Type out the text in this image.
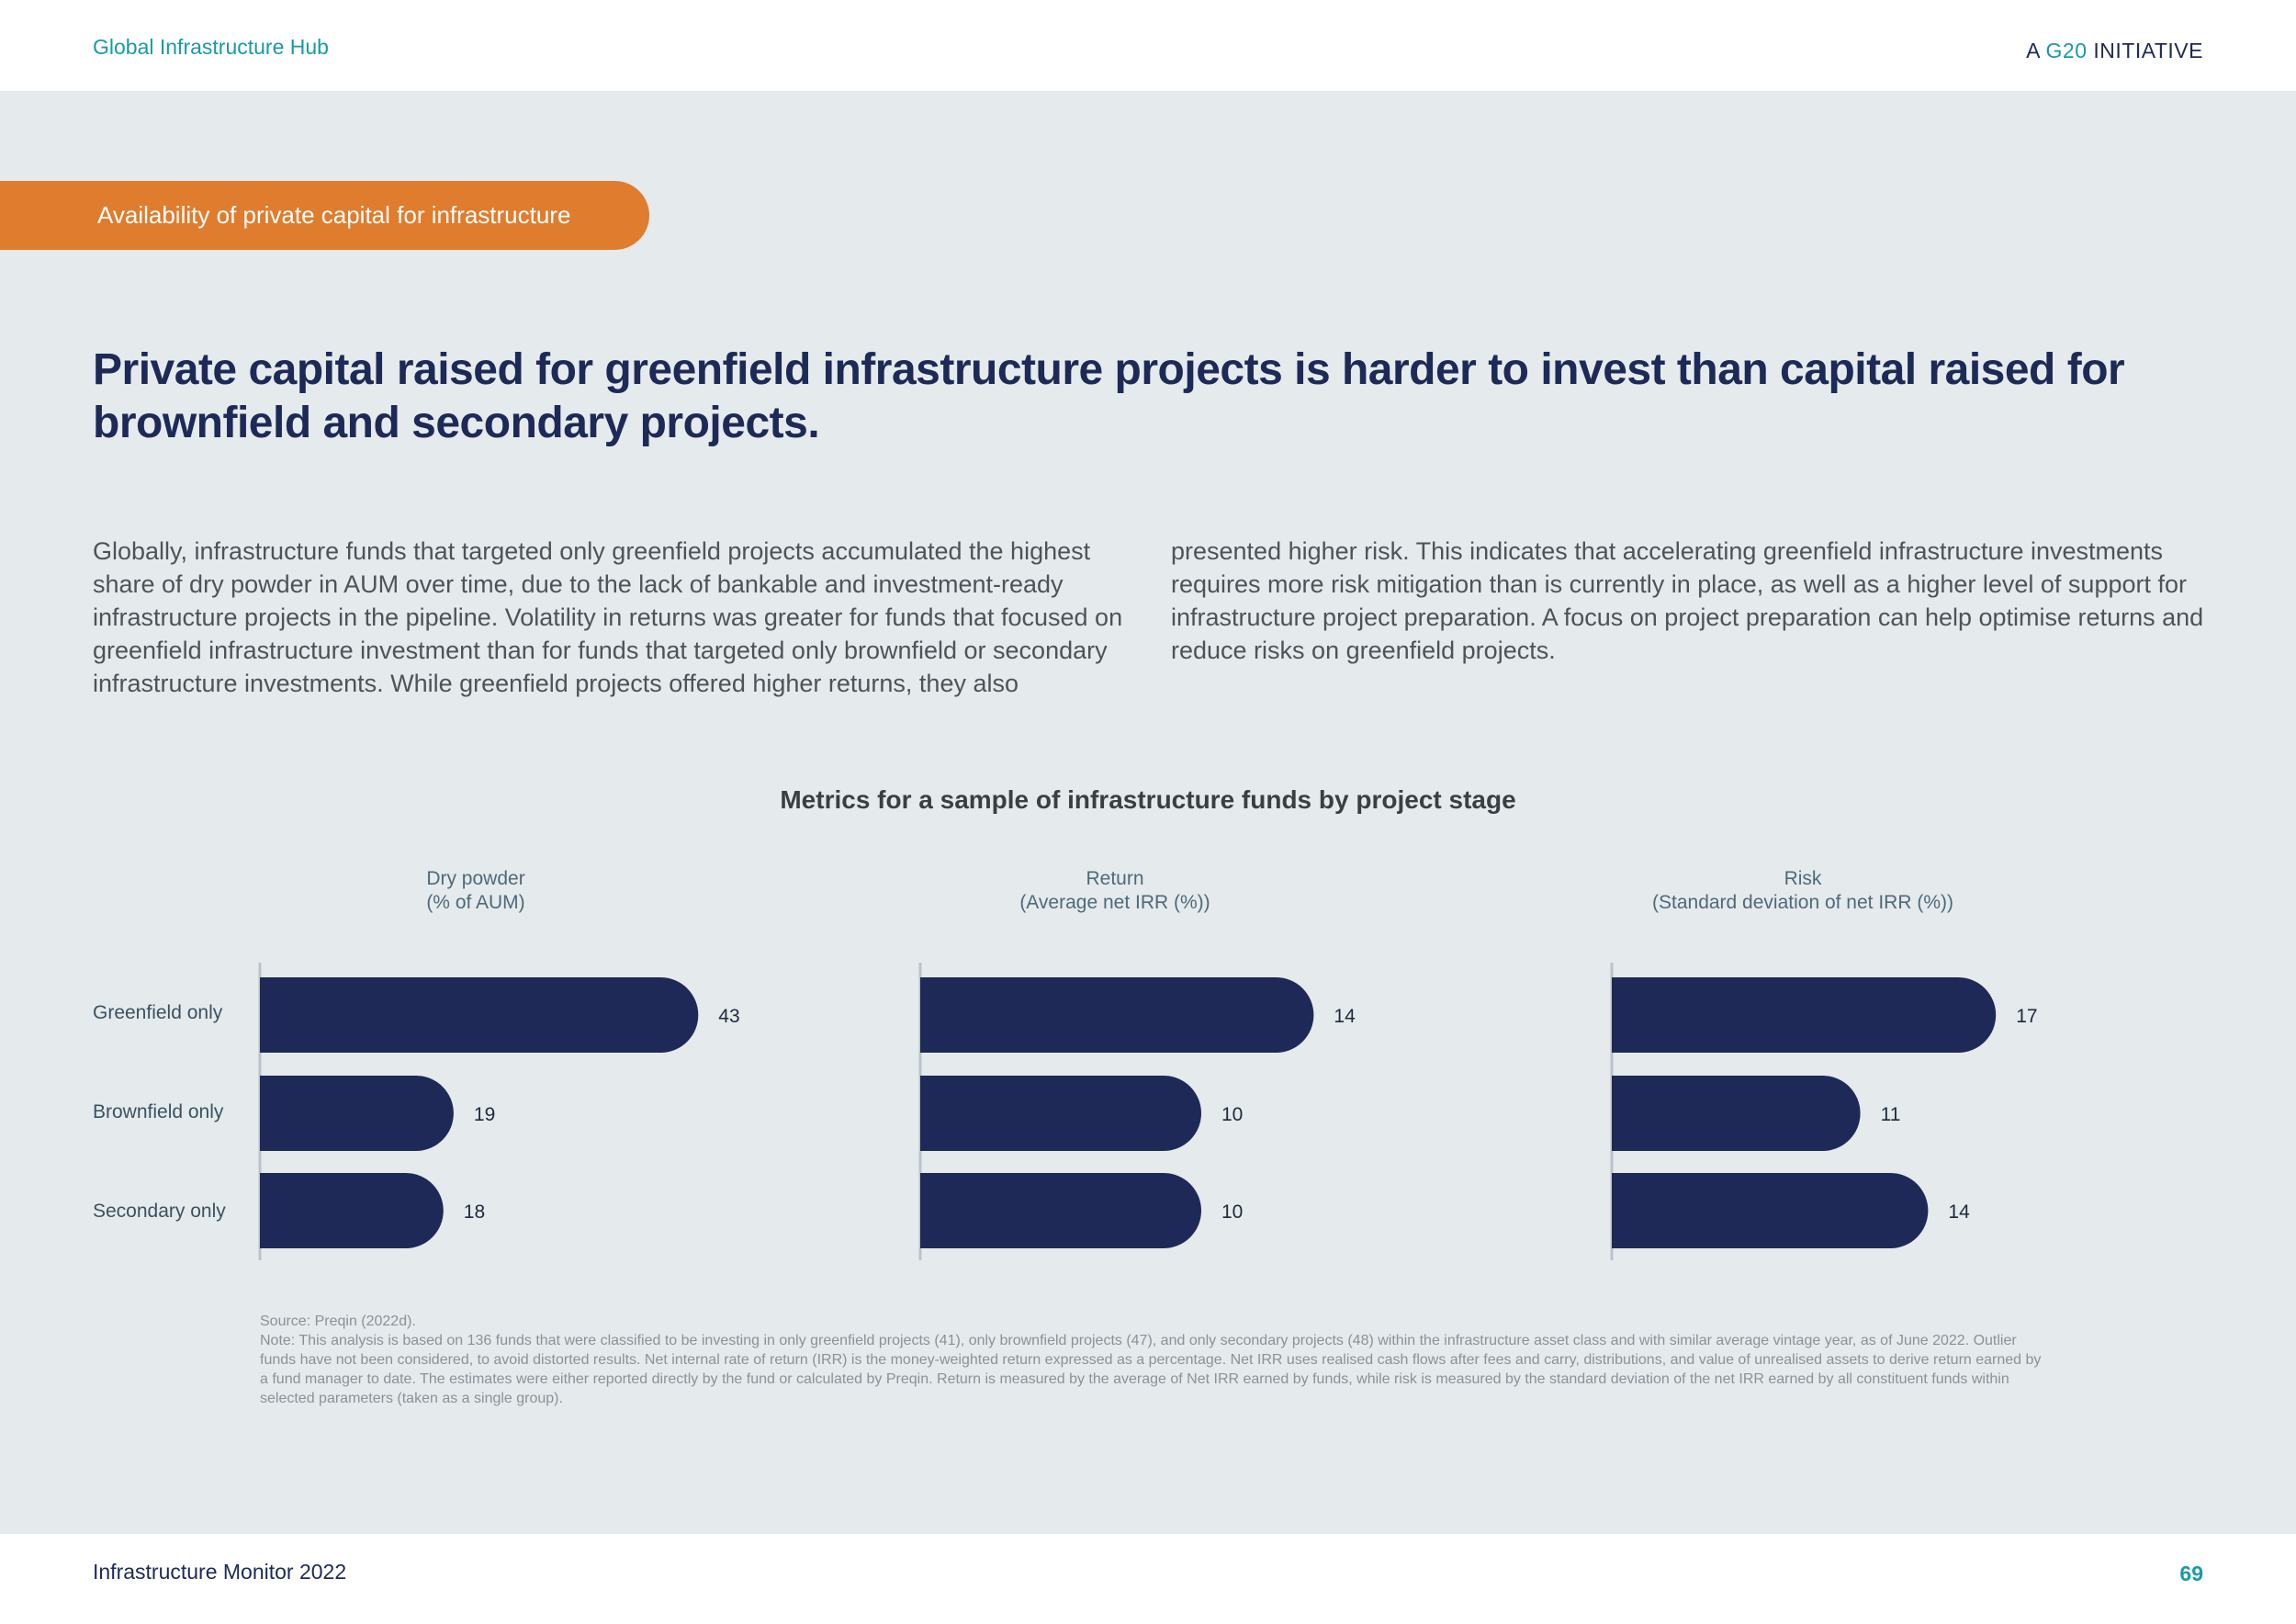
Global Infrastructure Hub	A G20 INITIATIVE
Availability of private capital for infrastructure
Private capital raised for greenfield infrastructure projects is harder to invest than capital raised for brownfield and secondary projects.
Globally, infrastructure funds that targeted only greenfield projects accumulated the highest share of dry powder in AUM over time, due to the lack of bankable and investment-ready infrastructure projects in the pipeline. Volatility in returns was greater for funds that focused on greenfield infrastructure investment than for funds that targeted only brownfield or secondary infrastructure investments. While greenfield projects offered higher returns, they also
presented higher risk. This indicates that accelerating greenfield infrastructure investments requires more risk mitigation than is currently in place, as well as a higher level of support for infrastructure project preparation. A focus on project preparation can help optimise returns and reduce risks on greenfield projects.
Metrics for a sample of infrastructure funds by project stage
Dry powder
(% of AUM)
Return
(Average net IRR (%))
Risk
(Standard deviation of net IRR (%))
Greenfield only
Brownfield only
Secondary only
43
19
18
14
10
10
17
11
14
Source: Preqin (2022d).
Note: This analysis is based on 136 funds that were classified to be investing in only greenfield projects (41), only brownfield projects (47), and only secondary projects (48) within the infrastructure asset class and with similar average vintage year, as of June 2022. Outlier funds have not been considered, to avoid distorted results. Net internal rate of return (IRR) is the money-weighted return expressed as a percentage. Net IRR uses realised cash flows after fees and carry, distributions, and value of unrealised assets to derive return earned by a fund manager to date. The estimates were either reported directly by the fund or calculated by Preqin. Return is measured by the average of Net IRR earned by funds, while risk is measured by the standard deviation of the net IRR earned by all constituent funds within selected parameters (taken as a single group).
Infrastructure Monitor 2022	69
